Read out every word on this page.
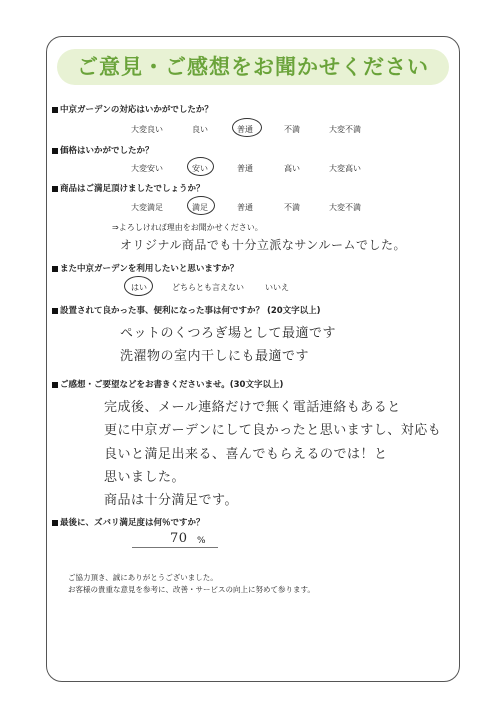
ご意見・ご感想をお聞かせください
中京ガーデンの対応はいかがでしたか？
大変良い	良い	普通	不満	大変不満
価格はいかがでしたか？
大変安い	安い	普通	高い	大変高い
商品はご満足頂けましたでしょうか？
大変満足	満足	普通	不満	大変不満
⇒よろしければ理由をお聞かせください。
オリジナル商品でも十分立派なサンルームでした。
また中京ガーデンを利用したいと思いますか？
はい	どちらとも言えない	いいえ
設置されて良かった事、便利になった事は何ですか？ (20文字以上)
ペットのくつろぎ場として最適です
洗濯物の室内干しにも最適です
ご感想・ご要望などをお書きくださいませ。(30文字以上)
完成後、メール連絡だけで無く電話連絡もあると
更に中京ガーデンにして良かったと思いますし、対応も
良いと満足出来る、喜んでもらえるのでは！と
思いました。
商品は十分満足です。
最後に、ズバリ満足度は何％ですか？
70 %
ご協力頂き、誠にありがとうございました。
お客様の貴重な意見を参考に、改善・サービスの向上に努めて参ります。
